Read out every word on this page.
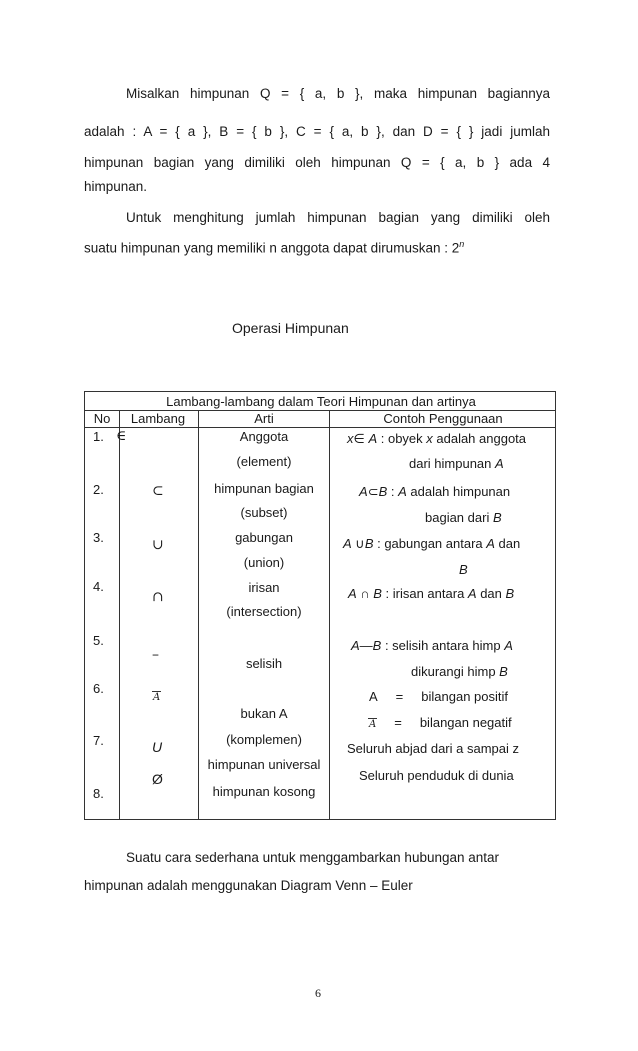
Misalkan himpunan Q = { a, b }, maka himpunan bagiannya
adalah : A = { a }, B = { b }, C = { a, b }, dan D = { } jadi jumlah
himpunan bagian yang dimiliki oleh himpunan Q = { a, b } ada 4
himpunan.
Untuk menghitung jumlah himpunan bagian yang dimiliki oleh
suatu himpunan yang memiliki n anggota dapat dirumuskan : 2$^n$
Operasi Himpunan
Lambang-lambang dalam Teori Himpunan dan artinya
No Lambang	Arti	Contoh Penggunaan
1.
2.
3.
4.
5.
6.
7.
8.
∈
⊂
∪
∩
–
A
U
Ø
Anggota
(element)
himpunan bagian
(subset)
gabungan
(union)
irisan
(intersection)
selisih
bukan A
(komplemen)
himpunan universal
himpunan kosong
x∈ A : obyek x adalah anggota
dari himpunan A
A⊂B : A adalah himpunan
bagian dari B
A ∪B : gabungan antara A dan
B
A ∩ B : irisan antara A dan B
A—B : selisih antara himp A
dikurangi himp B
A = bilangan positif
A = bilangan negatif
Seluruh abjad dari a sampai z
Seluruh penduduk di dunia
Suatu cara sederhana untuk menggambarkan hubungan antar
himpunan adalah menggunakan Diagram Venn – Euler
6
